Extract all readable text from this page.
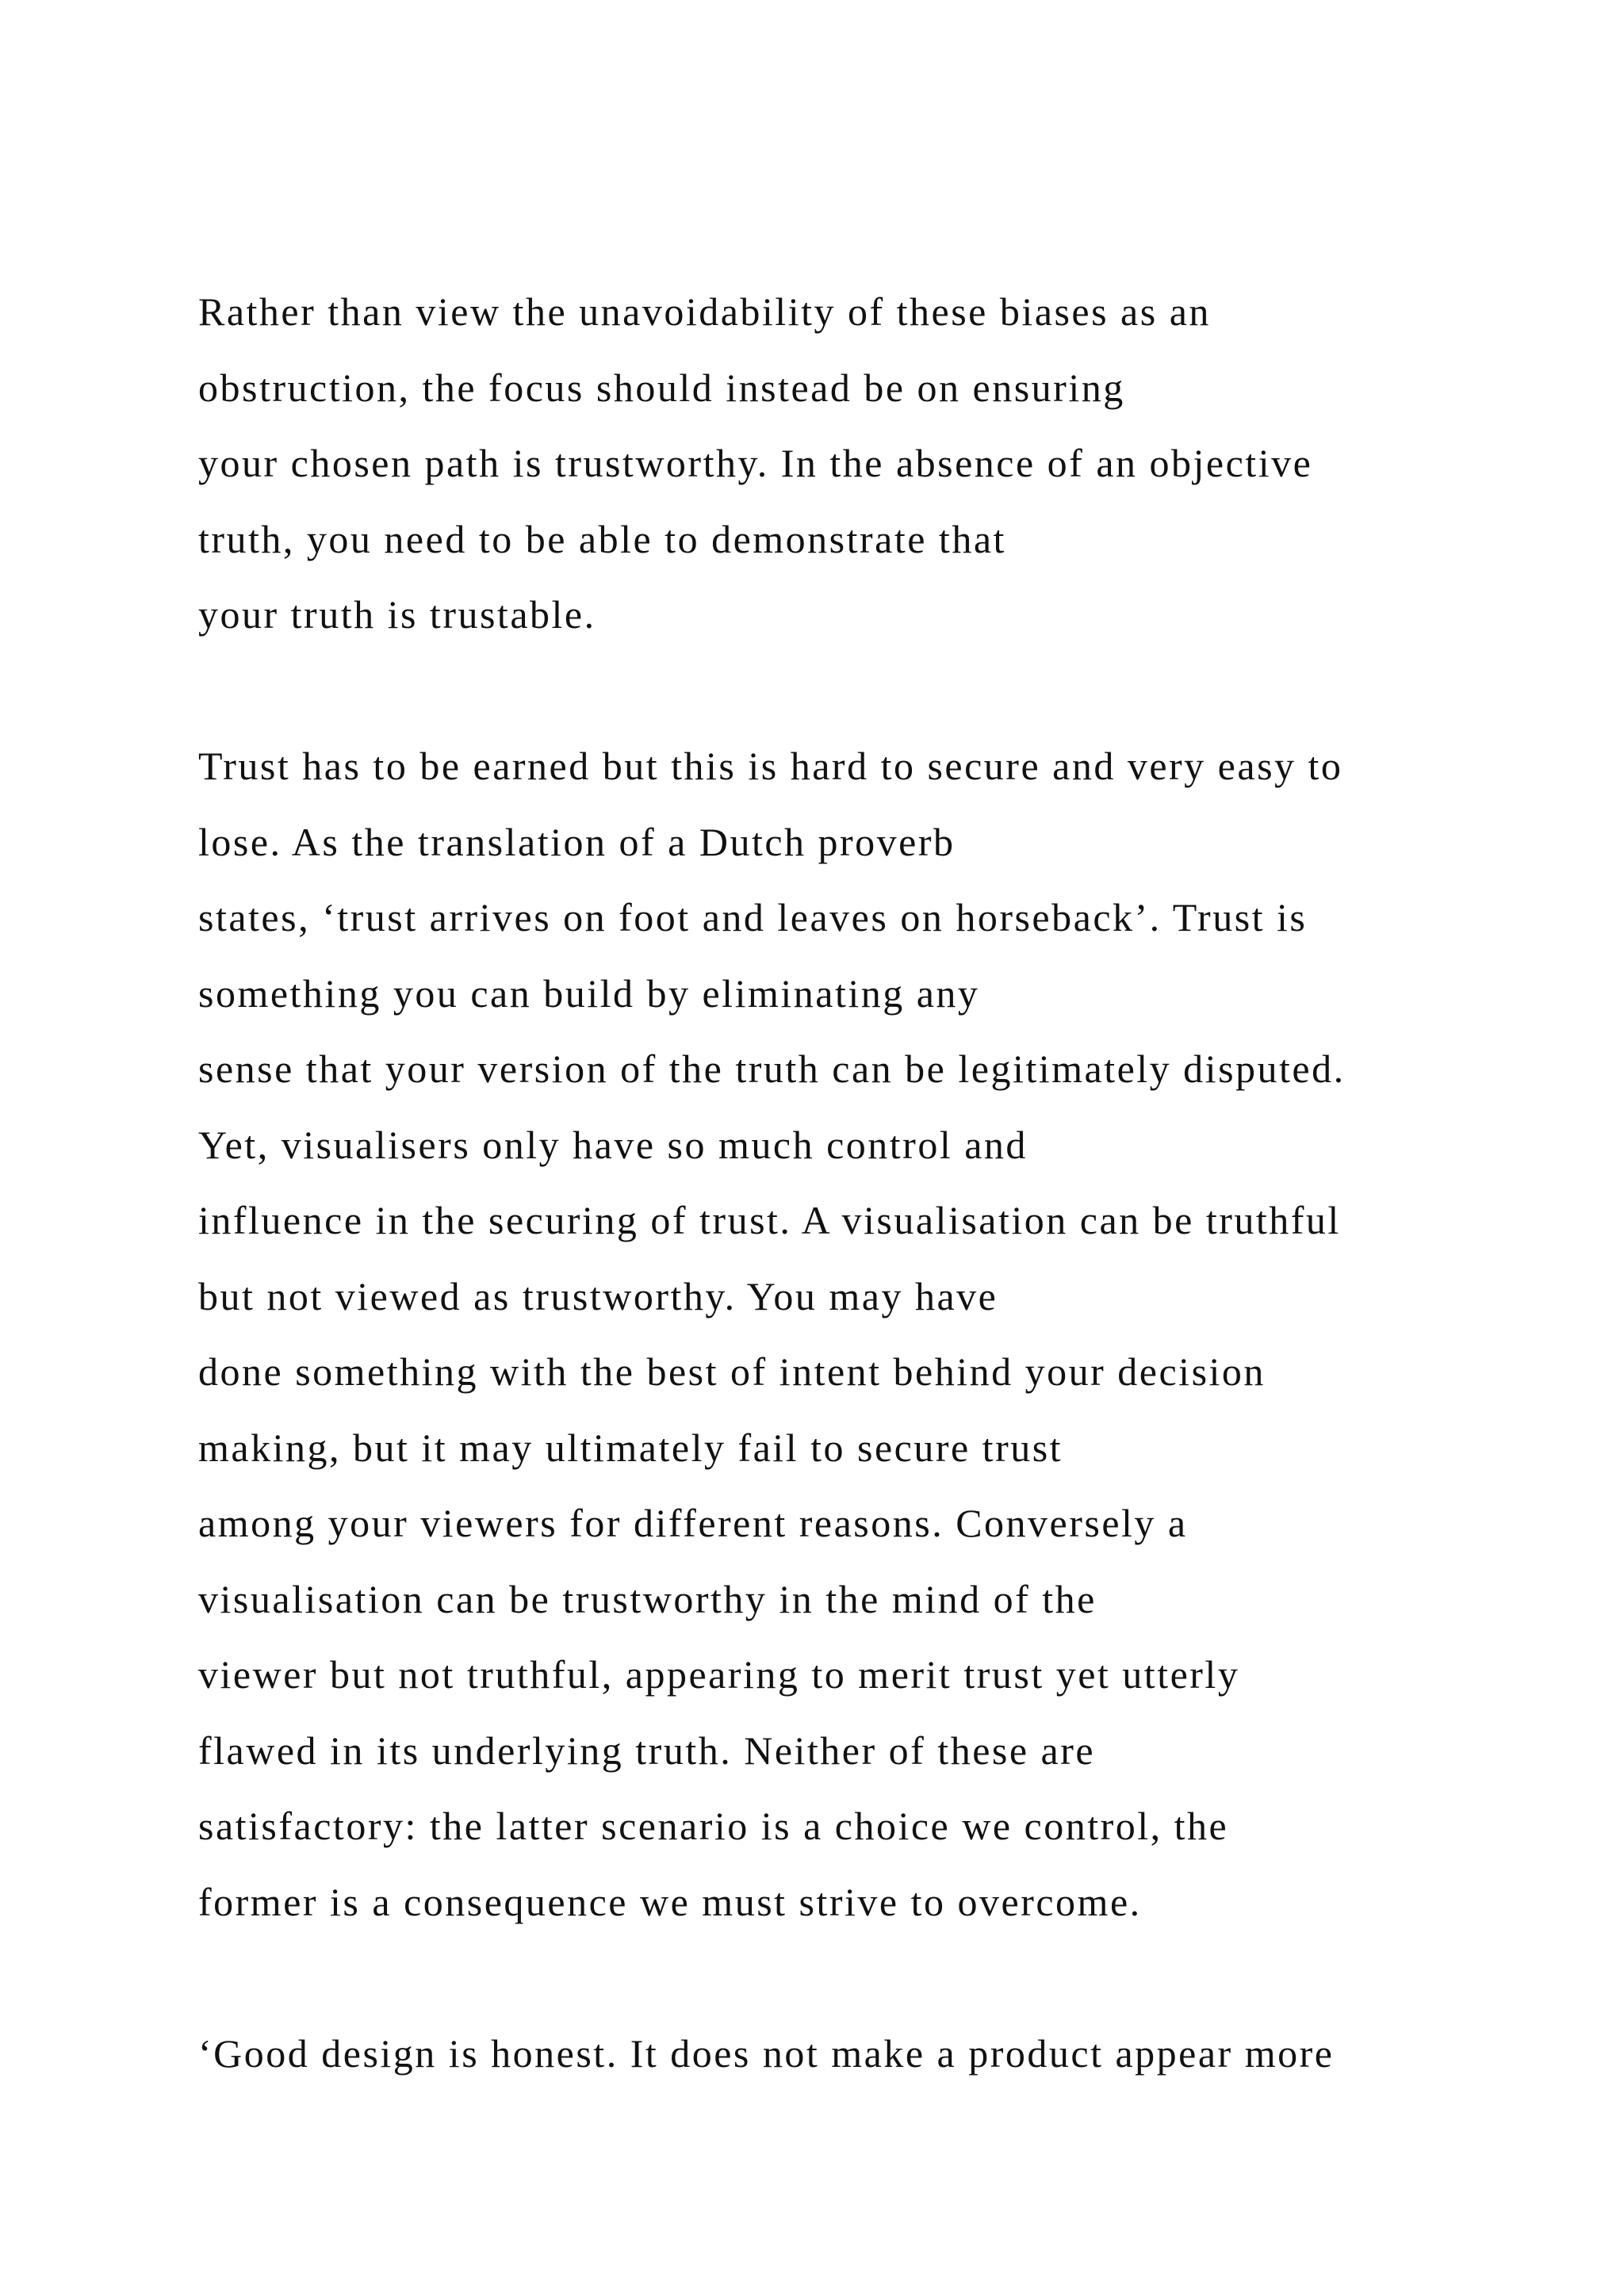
Rather than view the unavoidability of these biases as an
obstruction, the focus should instead be on ensuring
your chosen path is trustworthy. In the absence of an objective
truth, you need to be able to demonstrate that
your truth is trustable.
Trust has to be earned but this is hard to secure and very easy to
lose. As the translation of a Dutch proverb
states, ‘trust arrives on foot and leaves on horseback’. Trust is
something you can build by eliminating any
sense that your version of the truth can be legitimately disputed.
Yet, visualisers only have so much control and
influence in the securing of trust. A visualisation can be truthful
but not viewed as trustworthy. You may have
done something with the best of intent behind your decision
making, but it may ultimately fail to secure trust
among your viewers for different reasons. Conversely a
visualisation can be trustworthy in the mind of the
viewer but not truthful, appearing to merit trust yet utterly
flawed in its underlying truth. Neither of these are
satisfactory: the latter scenario is a choice we control, the
former is a consequence we must strive to overcome.
‘Good design is honest. It does not make a product appear more
